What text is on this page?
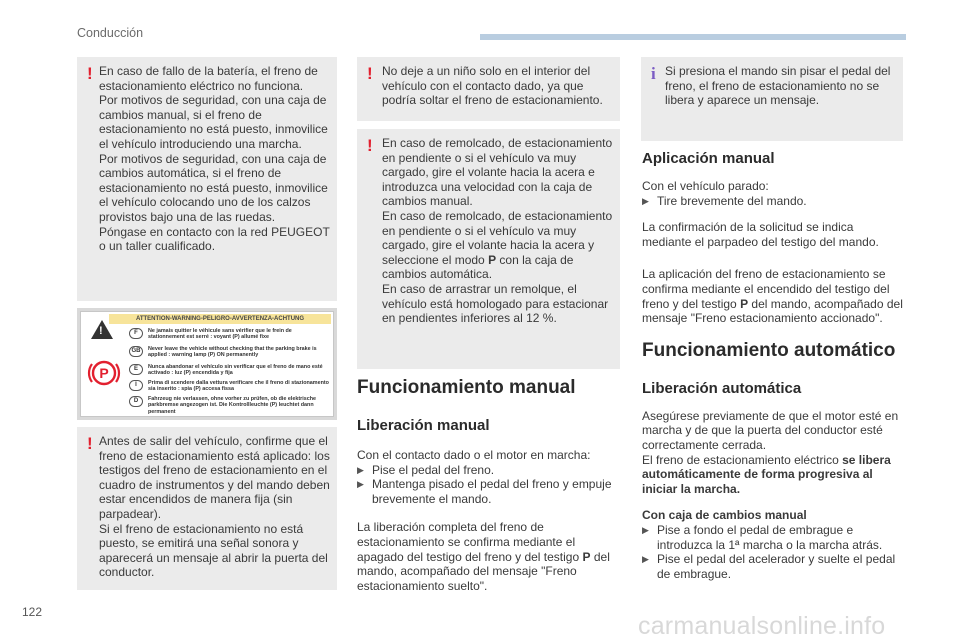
Conducción
! En caso de fallo de la batería, el freno de estacionamiento eléctrico no funciona.
Por motivos de seguridad, con una caja de cambios manual, si el freno de estacionamiento no está puesto, inmovilice el vehículo introduciendo una marcha.
Por motivos de seguridad, con una caja de cambios automática, si el freno de estacionamiento no está puesto, inmovilice el vehículo colocando uno de los calzos provistos bajo una de las ruedas.
Póngase en contacto con la red PEUGEOT o un taller cualificado.

ATTENTION-WARNING-PELIGRO-AVVERTENZA-ACHTUNG
!
P
F	Ne jamais quitter le véhicule sans vérifier que le frein de stationnement est serré : voyant (P) allumé fixe
GB	Never leave the vehicle without checking that the parking brake is applied : warning lamp (P) ON permanently
E	Nunca abandonar el vehículo sin verificar que el freno de mano esté activado : luz (P) encendida y fija
I	Prima di scendere dalla vettura verificare che il freno di stazionamento sia inserito : spia (P) accesa fissa
D	Fahrzeug nie verlassen, ohne vorher zu prüfen, ob die elektrische parkbremse angezogen ist. Die Kontrollleuchte (P) leuchtet dann permanent
! Antes de salir del vehículo, confirme que el freno de estacionamiento está aplicado: los testigos del freno de estacionamiento en el cuadro de instrumentos y del mando deben estar encendidos de manera fija (sin parpadear).
Si el freno de estacionamiento no está puesto, se emitirá una señal sonora y aparecerá un mensaje al abrir la puerta del conductor.

! No deje a un niño solo en el interior del vehículo con el contacto dado, ya que podría soltar el freno de estacionamiento.

! En caso de remolcado, de estacionamiento en pendiente o si el vehículo va muy cargado, gire el volante hacia la acera e introduzca una velocidad con la caja de cambios manual.
En caso de remolcado, de estacionamiento en pendiente o si el vehículo va muy cargado, gire el volante hacia la acera y seleccione el modo P con la caja de cambios automática.
En caso de arrastrar un remolque, el vehículo está homologado para estacionar en pendientes inferiores al 12 %.

Funcionamiento manual
Liberación manual

Con el contacto dado o el motor en marcha:

▶ Pise el pedal del freno.
▶ Mantenga pisado el pedal del freno y empuje brevemente el mando.

La liberación completa del freno de estacionamiento se confirma mediante el apagado del testigo del freno y del testigo P del mando, acompañado del mensaje "Freno estacionamiento suelto".

i Si presiona el mando sin pisar el pedal del freno, el freno de estacionamiento no se libera y aparece un mensaje.

Aplicación manual

Con el vehículo parado:

▶ Tire brevemente del mando.

La confirmación de la solicitud se indica mediante el parpadeo del testigo del mando.

La aplicación del freno de estacionamiento se confirma mediante el encendido del testigo del freno y del testigo P del mando, acompañado del mensaje "Freno estacionamiento accionado".

Funcionamiento automático
Liberación automática

Asegúrese previamente de que el motor esté en marcha y de que la puerta del conductor esté correctamente cerrada.

El freno de estacionamiento eléctrico se libera automáticamente de forma progresiva al iniciar la marcha.

Con caja de cambios manual

▶ Pise a fondo el pedal de embrague e introduzca la 1ª marcha o la marcha atrás.
▶ Pise el pedal del acelerador y suelte el pedal de embrague.
122	carmanualsonline.info
